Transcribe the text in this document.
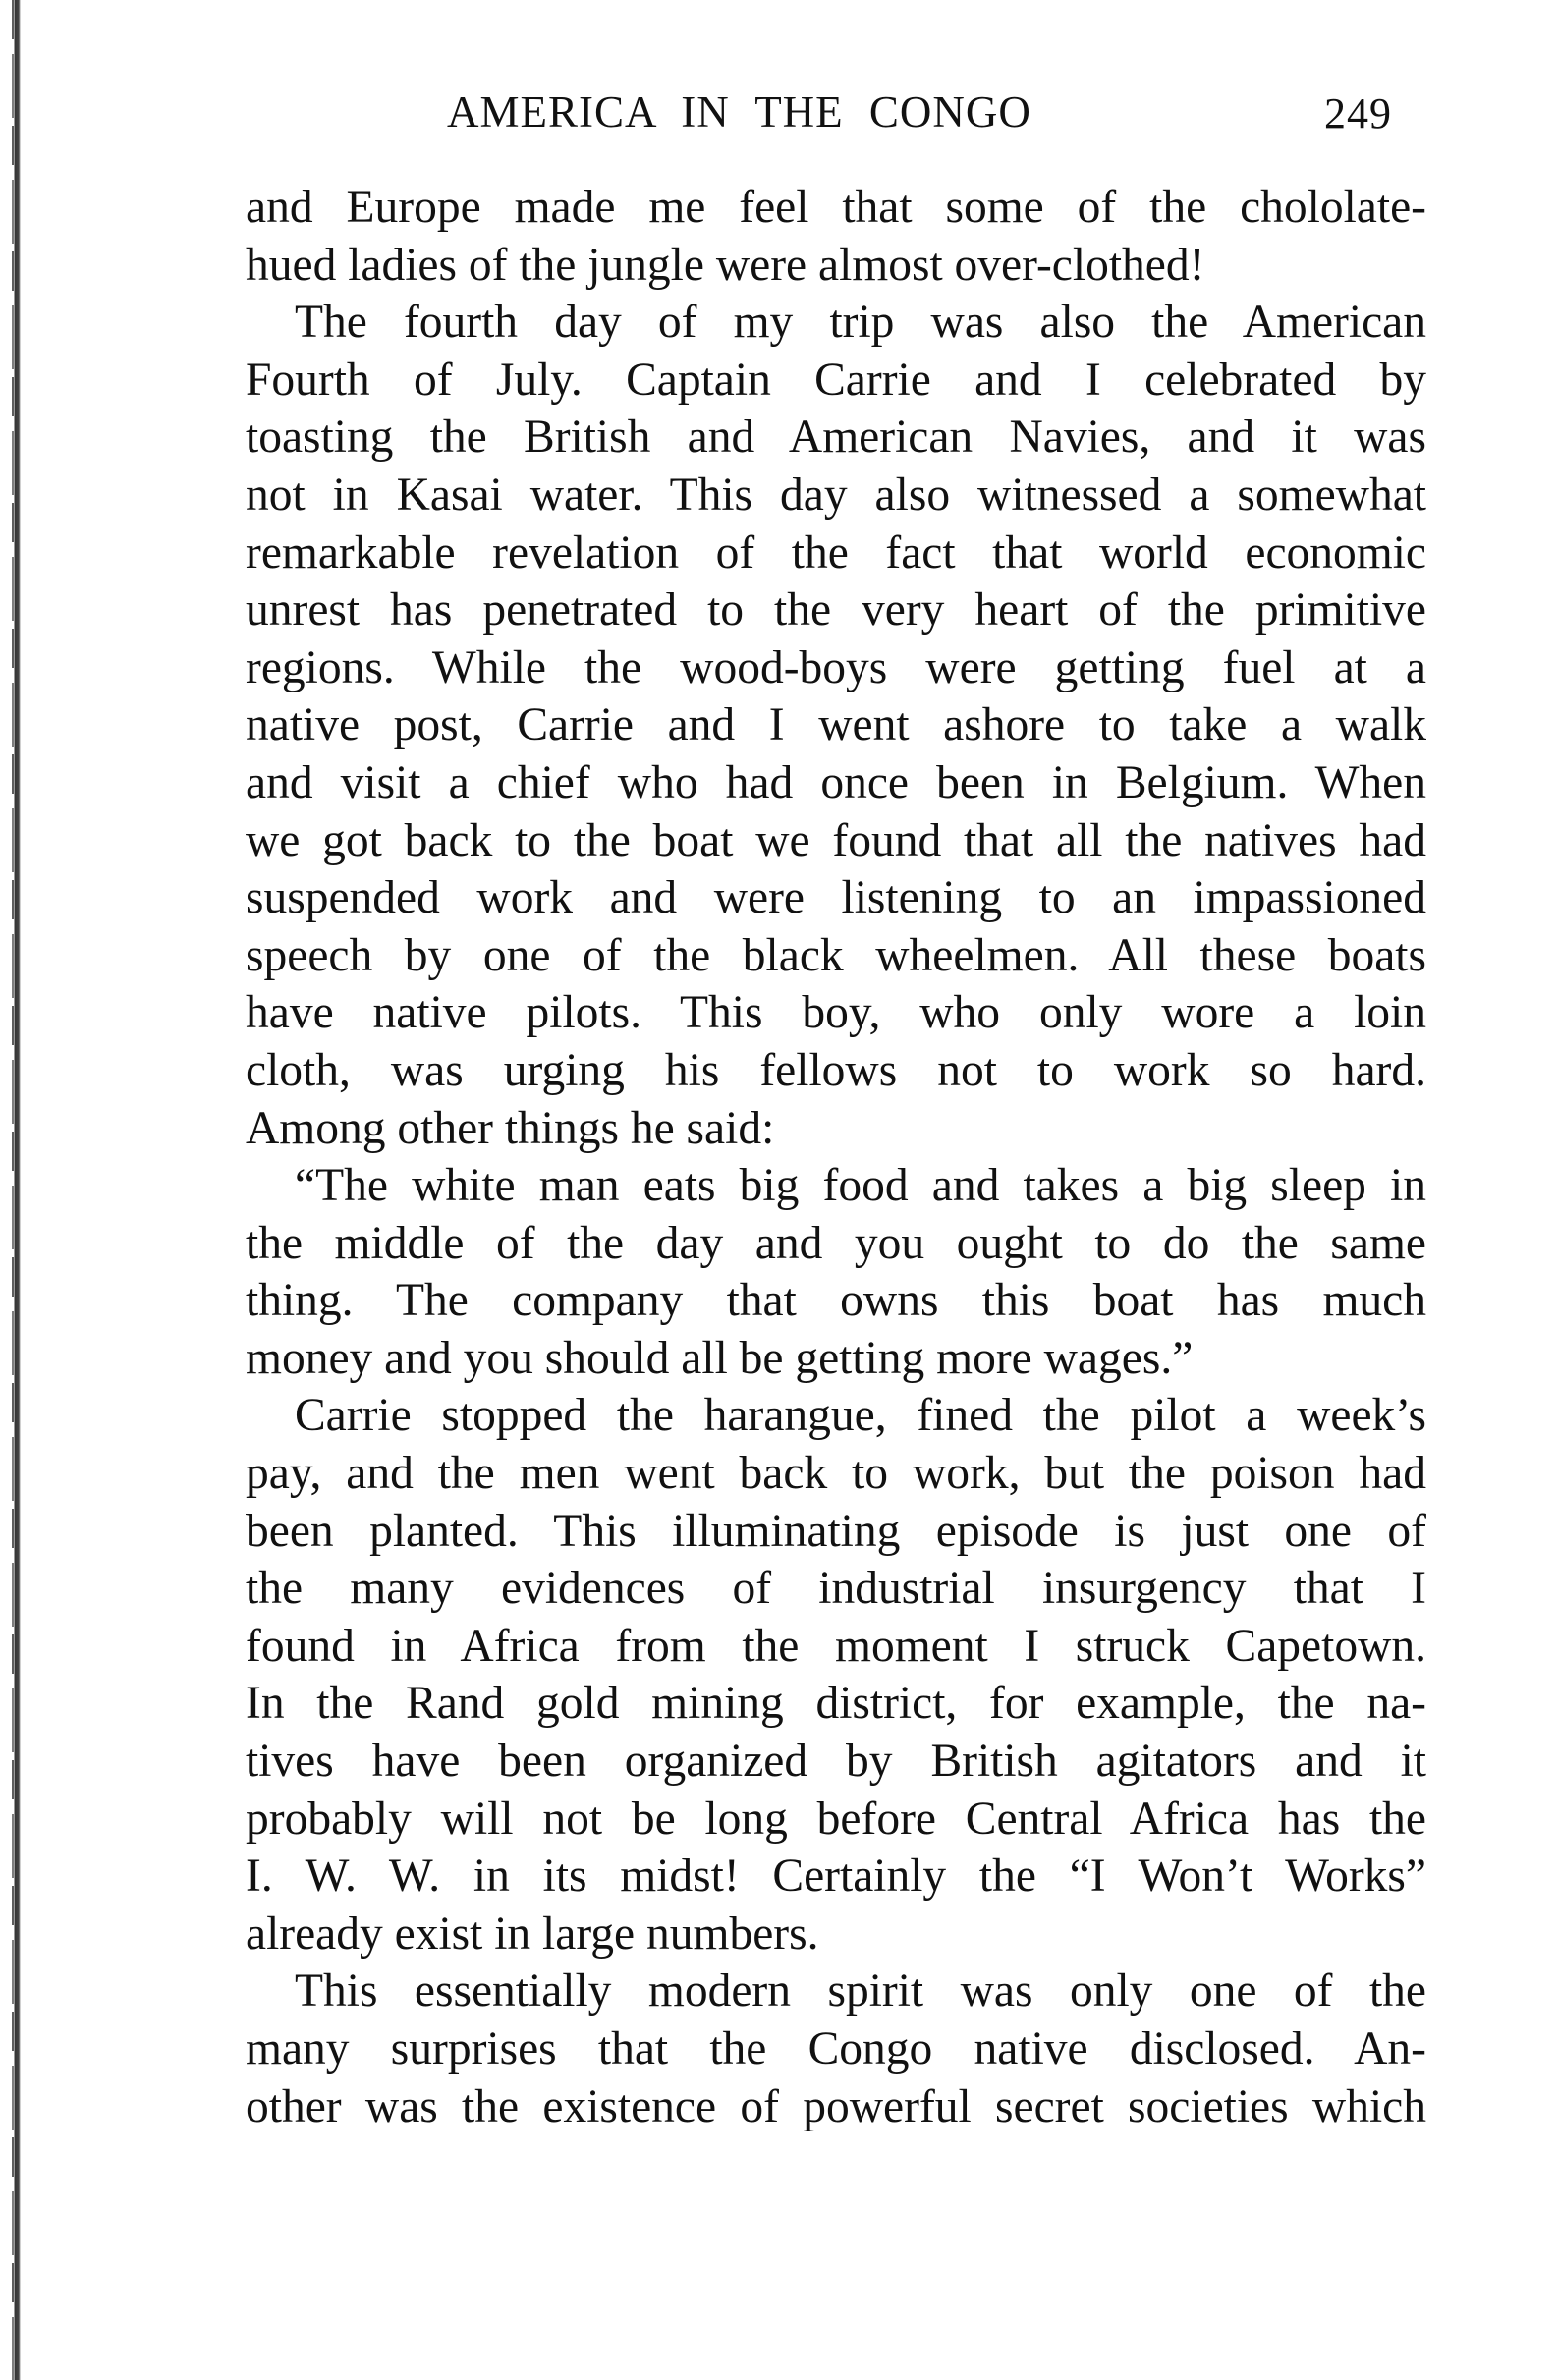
AMERICA IN THE CONGO	249
and Europe made me feel that some of the chololate-
hued ladies of the jungle were almost over-clothed!
The fourth day of my trip was also the American
Fourth of July. Captain Carrie and I celebrated by
toasting the British and American Navies, and it was
not in Kasai water. This day also witnessed a somewhat
remarkable revelation of the fact that world economic
unrest has penetrated to the very heart of the primitive
regions. While the wood-boys were getting fuel at a
native post, Carrie and I went ashore to take a walk
and visit a chief who had once been in Belgium. When
we got back to the boat we found that all the natives had
suspended work and were listening to an impassioned
speech by one of the black wheelmen. All these boats
have native pilots. This boy, who only wore a loin
cloth, was urging his fellows not to work so hard.
Among other things he said:
“The white man eats big food and takes a big sleep in
the middle of the day and you ought to do the same
thing. The company that owns this boat has much
money and you should all be getting more wages.”
Carrie stopped the harangue, fined the pilot a week’s
pay, and the men went back to work, but the poison had
been planted. This illuminating episode is just one of
the many evidences of industrial insurgency that I
found in Africa from the moment I struck Capetown.
In the Rand gold mining district, for example, the na-
tives have been organized by British agitators and it
probably will not be long before Central Africa has the
I. W. W. in its midst! Certainly the “I Won’t Works”
already exist in large numbers.
This essentially modern spirit was only one of the
many surprises that the Congo native disclosed. An-
other was the existence of powerful secret societies which
